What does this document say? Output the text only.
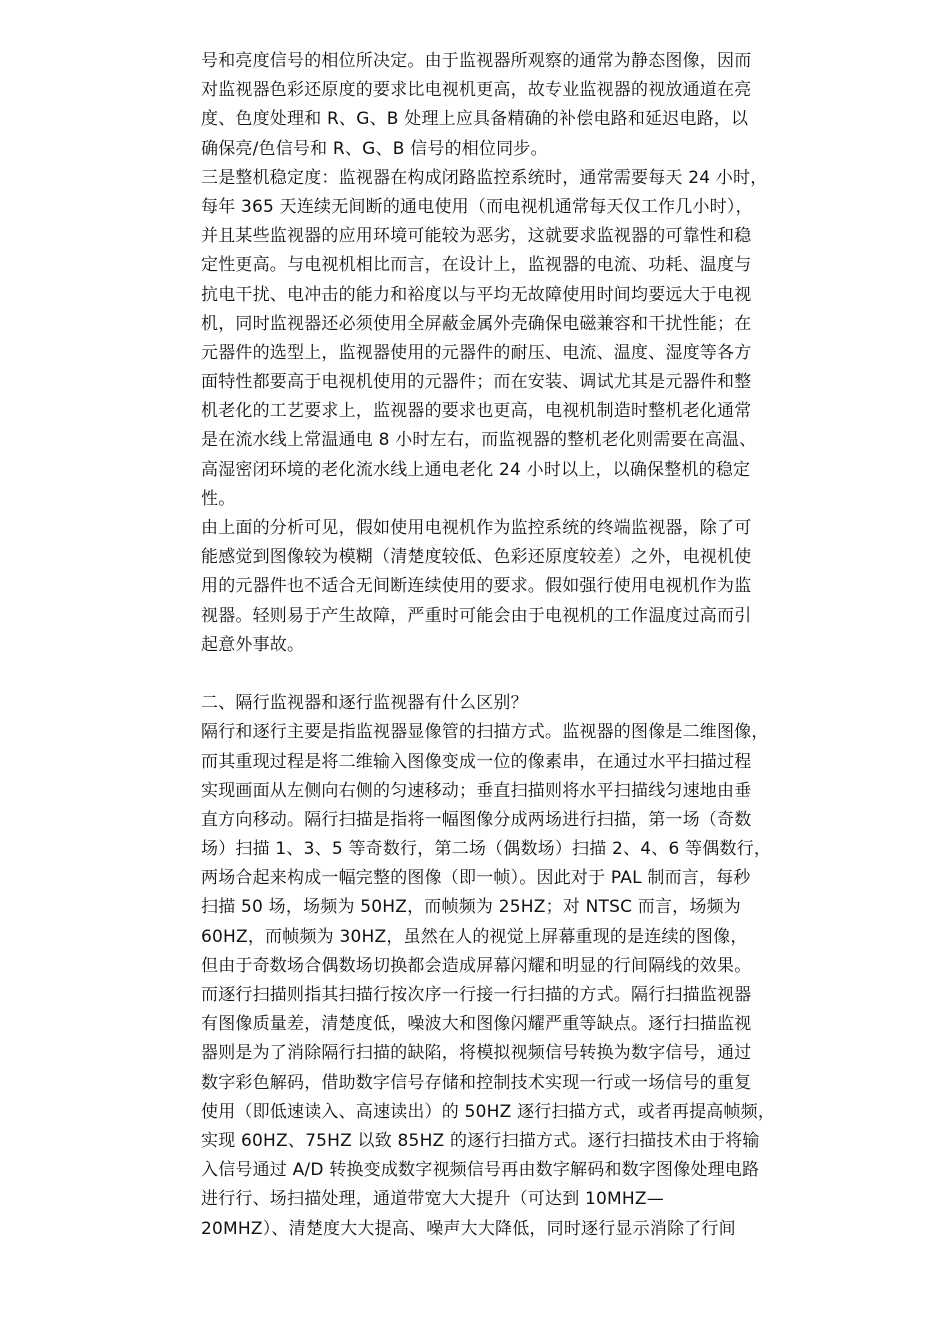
号和亮度信号的相位所决定。由于监视器所观察的通常为静态图像，因而
对监视器色彩还原度的要求比电视机更高，故专业监视器的视放通道在亮
度、色度处理和 R、G、B 处理上应具备精确的补偿电路和延迟电路，以
确保亮/色信号和 R、G、B 信号的相位同步。
三是整机稳定度：监视器在构成闭路监控系统时，通常需要每天 24 小时，
每年 365 天连续无间断的通电使用（而电视机通常每天仅工作几小时），
并且某些监视器的应用环境可能较为恶劣，这就要求监视器的可靠性和稳
定性更高。与电视机相比而言，在设计上，监视器的电流、功耗、温度与
抗电干扰、电冲击的能力和裕度以与平均无故障使用时间均要远大于电视
机，同时监视器还必须使用全屏蔽金属外壳确保电磁兼容和干扰性能；在
元器件的选型上，监视器使用的元器件的耐压、电流、温度、湿度等各方
面特性都要高于电视机使用的元器件；而在安装、调试尤其是元器件和整
机老化的工艺要求上，监视器的要求也更高，电视机制造时整机老化通常
是在流水线上常温通电 8 小时左右，而监视器的整机老化则需要在高温、
高湿密闭环境的老化流水线上通电老化 24 小时以上，以确保整机的稳定
性。
由上面的分析可见，假如使用电视机作为监控系统的终端监视器，除了可
能感觉到图像较为模糊（清楚度较低、色彩还原度较差）之外，电视机使
用的元器件也不适合无间断连续使用的要求。假如强行使用电视机作为监
视器。轻则易于产生故障，严重时可能会由于电视机的工作温度过高而引
起意外事故。
二、隔行监视器和逐行监视器有什么区别？
隔行和逐行主要是指监视器显像管的扫描方式。监视器的图像是二维图像，
而其重现过程是将二维输入图像变成一位的像素串，在通过水平扫描过程
实现画面从左侧向右侧的匀速移动；垂直扫描则将水平扫描线匀速地由垂
直方向移动。隔行扫描是指将一幅图像分成两场进行扫描，第一场（奇数
场）扫描 1、3、5 等奇数行，第二场（偶数场）扫描 2、4、6 等偶数行，
两场合起来构成一幅完整的图像（即一帧）。因此对于 PAL 制而言，每秒
扫描 50 场，场频为 50HZ，而帧频为 25HZ；对 NTSC 而言，场频为
60HZ，而帧频为 30HZ，虽然在人的视觉上屏幕重现的是连续的图像，
但由于奇数场合偶数场切换都会造成屏幕闪耀和明显的行间隔线的效果。
而逐行扫描则指其扫描行按次序一行接一行扫描的方式。隔行扫描监视器
有图像质量差，清楚度低，噪波大和图像闪耀严重等缺点。逐行扫描监视
器则是为了消除隔行扫描的缺陷，将模拟视频信号转换为数字信号，通过
数字彩色解码，借助数字信号存储和控制技术实现一行或一场信号的重复
使用（即低速读入、高速读出）的 50HZ 逐行扫描方式，或者再提高帧频，
实现 60HZ、75HZ 以致 85HZ 的逐行扫描方式。逐行扫描技术由于将输
入信号通过 A/D 转换变成数字视频信号再由数字解码和数字图像处理电路
进行行、场扫描处理，通道带宽大大提升（可达到 10MHZ—
20MHZ）、清楚度大大提高、噪声大大降低，同时逐行显示消除了行间
